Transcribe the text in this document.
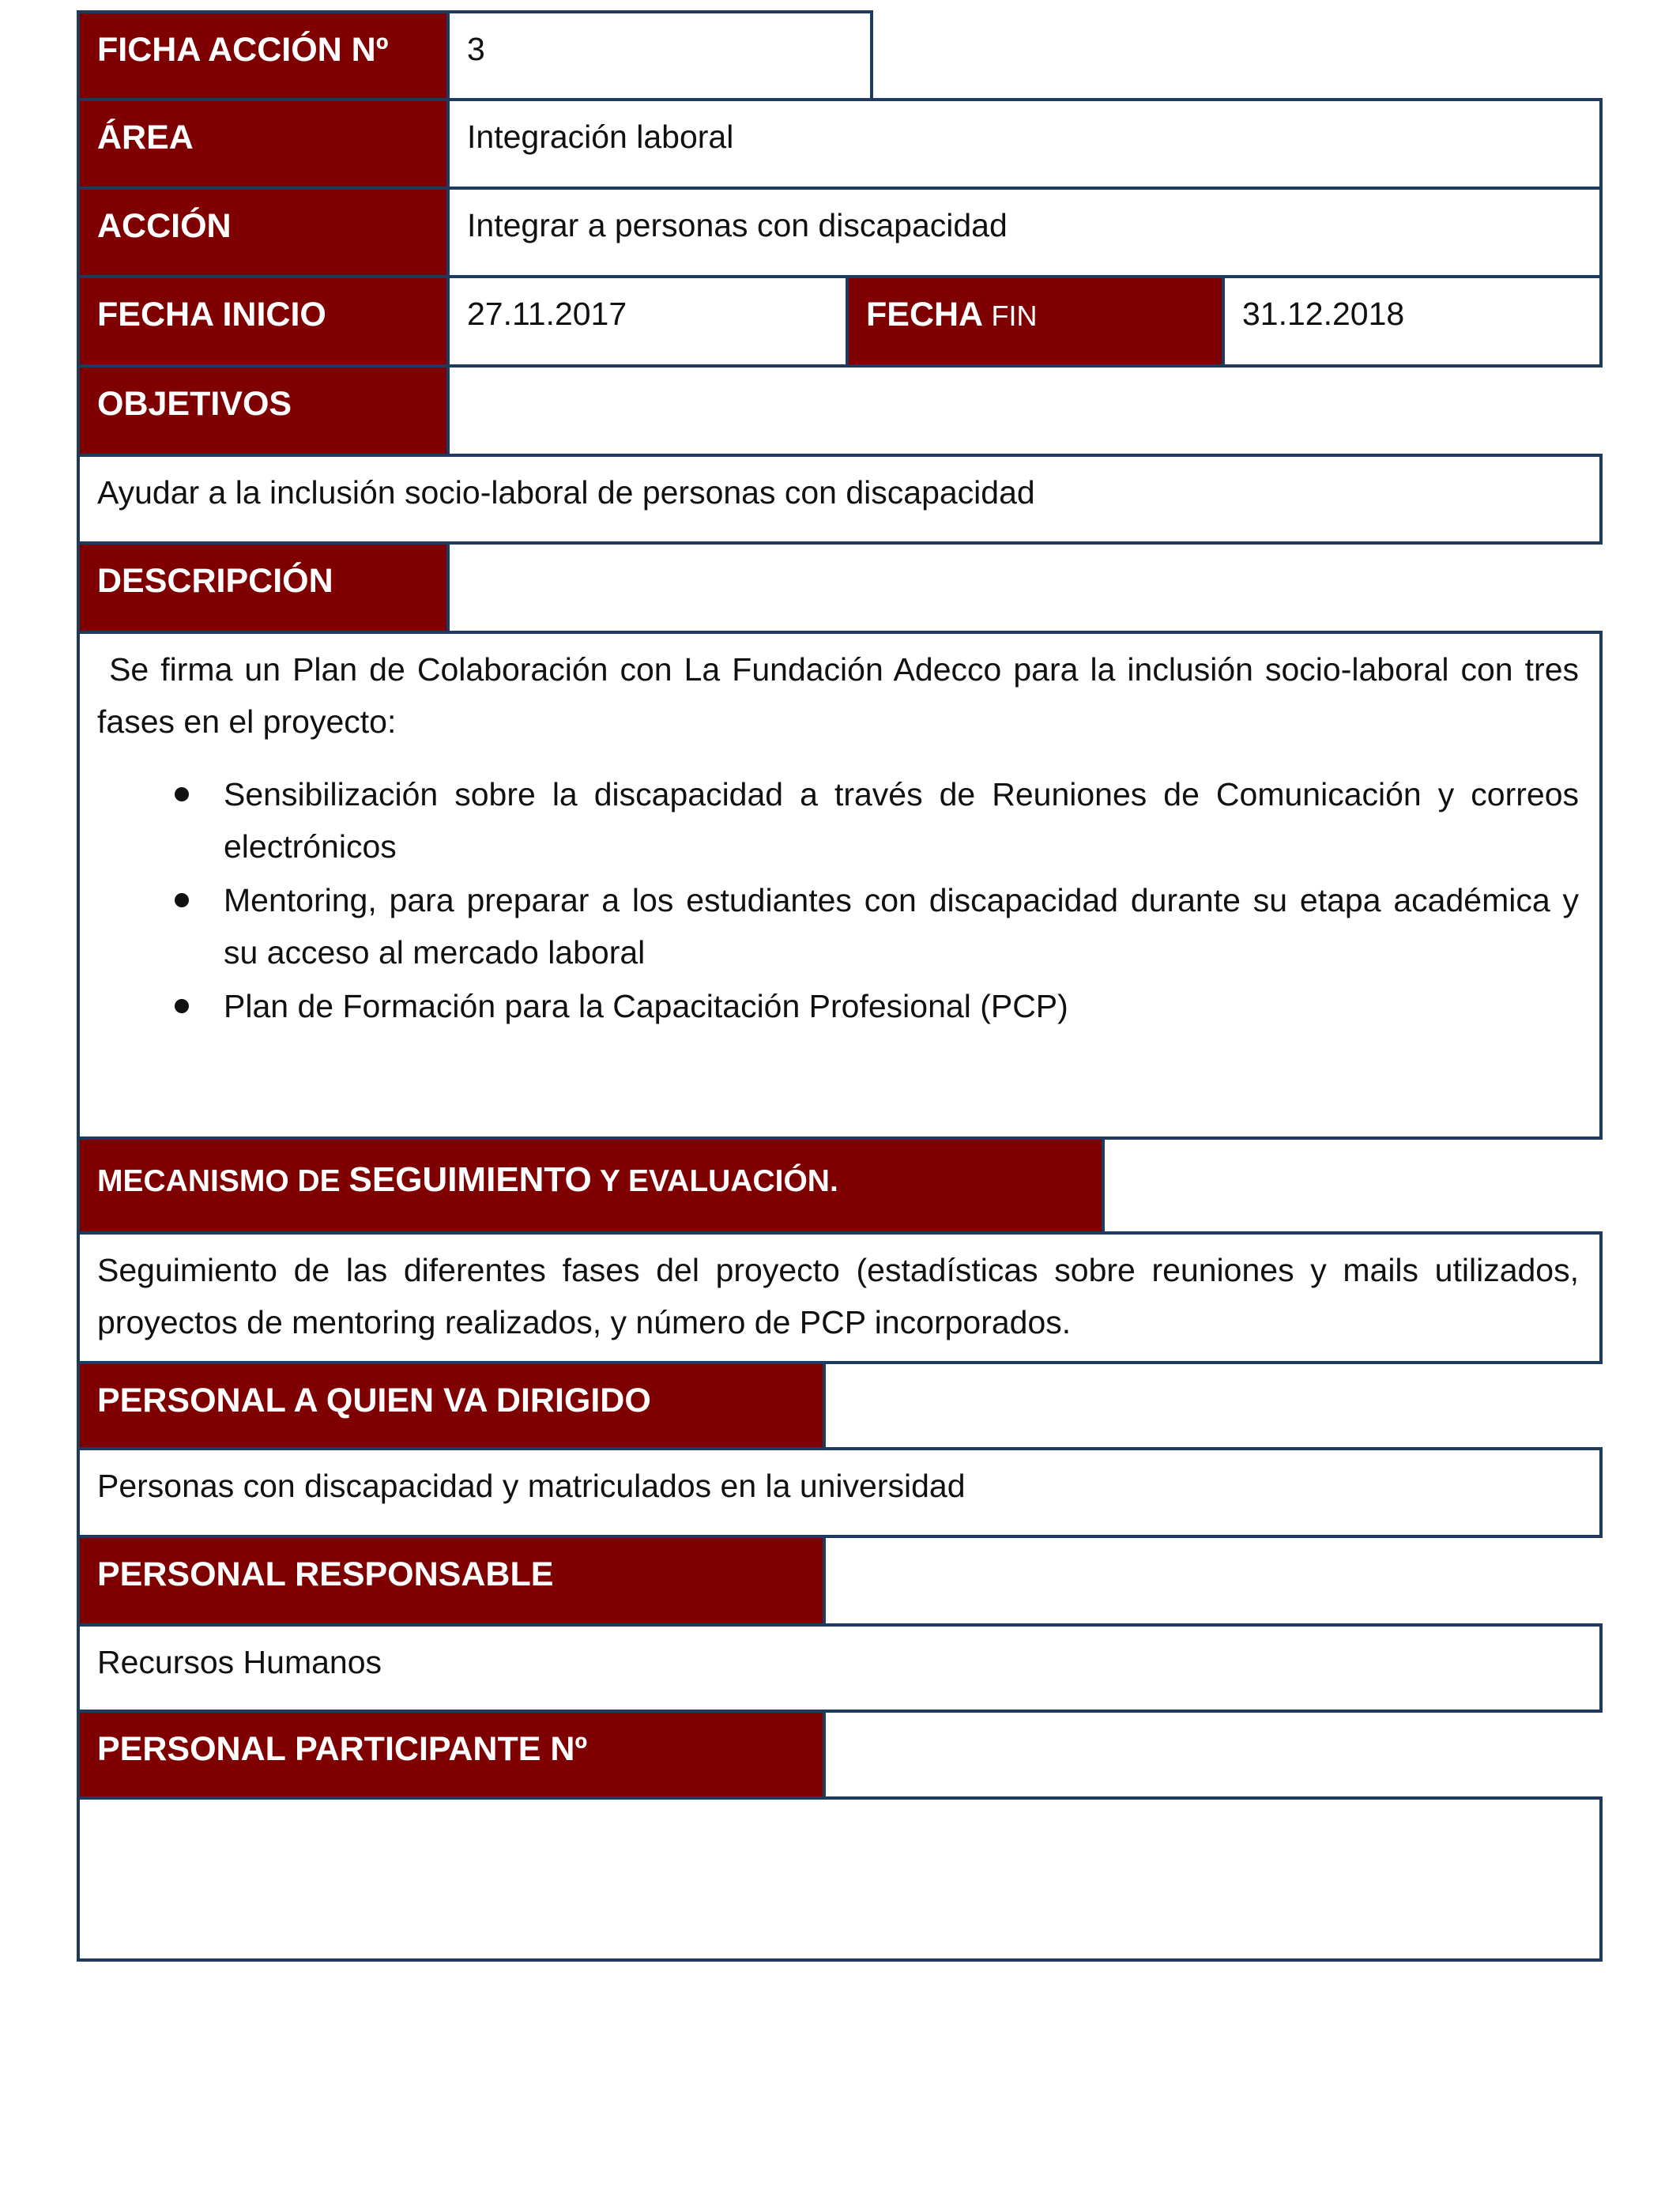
FICHA ACCIÓN Nº	3
ÁREA	Integración laboral
ACCIÓN	Integrar a personas con discapacidad
FECHA INICIO	27.11.2017	FECHA FIN	31.12.2018
OBJETIVOS
Ayudar a la inclusión socio-laboral de personas con discapacidad
DESCRIPCIÓN
Se firma un Plan de Colaboración con La Fundación Adecco para la inclusión socio-laboral con tres fases en el proyecto:
Sensibilización sobre la discapacidad a través de Reuniones de Comunicación y correos electrónicos
Mentoring, para preparar a los estudiantes con discapacidad durante su etapa académica y su acceso al mercado laboral
Plan de Formación para la Capacitación Profesional (PCP)
MECANISMO DE SEGUIMIENTO Y EVALUACIÓN.
Seguimiento de las diferentes fases del proyecto (estadísticas sobre reuniones y mails utilizados, proyectos de mentoring realizados, y número de PCP incorporados.
PERSONAL A QUIEN VA DIRIGIDO
Personas con discapacidad y matriculados en la universidad
PERSONAL RESPONSABLE
Recursos Humanos
PERSONAL PARTICIPANTE Nº
